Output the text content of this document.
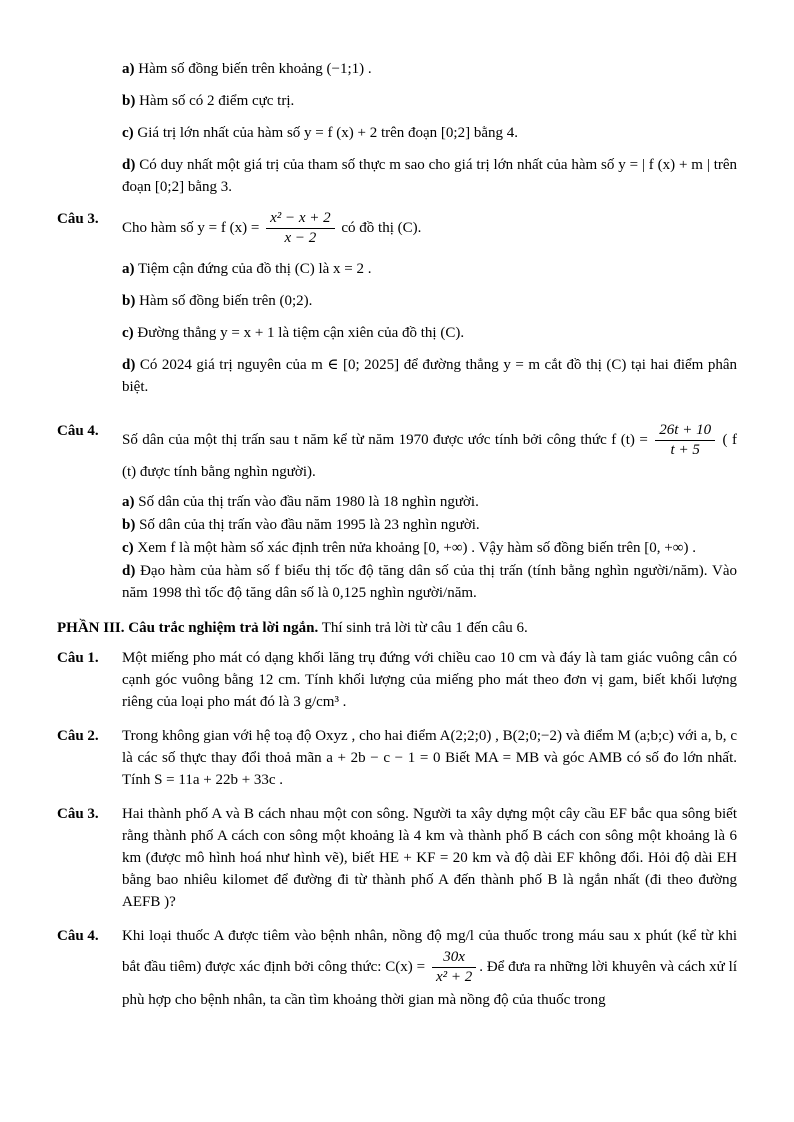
a) Hàm số đồng biến trên khoảng (−1;1) .

b) Hàm số có 2 điểm cực trị.

c) Giá trị lớn nhất của hàm số y = f (x) + 2 trên đoạn [0;2] bằng 4.

d) Có duy nhất một giá trị của tham số thực m sao cho giá trị lớn nhất của hàm số y = | f (x) + m | trên đoạn [0;2] bằng 3.

Câu 3.

Cho hàm số y = f $(x) = \frac{\text{x² − x + 2}}{x - 2}$ có đồ thị (C).

a) Tiệm cận đứng của đồ thị (C) là x = 2 .

b) Hàm số đồng biến trên (0;2).

c) Đường thẳng y = x + 1 là tiệm cận xiên của đồ thị (C).

d) Có 2024 giá trị nguyên của m ∈ [0; 2025] để đường thẳng y = m cắt đồ thị (C) tại hai điểm phân biệt.

Câu 4.

Số dân của một thị trấn sau t năm kể từ năm 1970 được ước tính bởi công thức f $(t) = \frac{26t + 10}{t + 5}$ ( f (t) được tính bằng nghìn người).

a) Số dân của thị trấn vào đầu năm 1980 là 18 nghìn người.

b) Số dân của thị trấn vào đầu năm 1995 là 23 nghìn người.

c) Xem f là một hàm số xác định trên nửa khoảng [0, +∞) . Vậy hàm số đồng biến trên [0, +∞) .

d) Đạo hàm của hàm số f biểu thị tốc độ tăng dân số của thị trấn (tính bằng nghìn người/năm). Vào năm 1998 thì tốc độ tăng dân số là 0,125 nghìn người/năm.

PHẦN III. Câu trắc nghiệm trả lời ngắn. Thí sinh trả lời từ câu 1 đến câu 6.

Câu 1.	Một miếng pho mát có dạng khối lăng trụ đứng với chiều cao 10 cm và đáy là tam giác vuông cân có cạnh góc vuông bằng 12 cm. Tính khối lượng của miếng pho mát theo đơn vị gam, biết khối lượng riêng của loại pho mát đó là 3 g/cm³ .
Câu 2.	Trong không gian với hệ toạ độ Oxyz , cho hai điểm A(2;2;0) , B(2;0;−2) và điểm M (a;b;c) với a, b, c là các số thực thay đổi thoả mãn a + 2b − c − 1 = 0 Biết MA = MB và góc AMB có số đo lớn nhất. Tính S = 11a + 22b + 33c .
Câu 3.	Hai thành phố A và B cách nhau một con sông. Người ta xây dựng một cây cầu EF bắc qua sông biết rằng thành phố A cách con sông một khoảng là 4 km và thành phố B cách con sông một khoảng là 6 km (được mô hình hoá như hình vẽ), biết HE + KF = 20 km và độ dài EF không đổi. Hỏi độ dài EH bằng bao nhiêu kilomet để đường đi từ thành phố A đến thành phố B là ngắn nhất (đi theo đường AEFB )?
Câu 4.	Khi loại thuốc A được tiêm vào bệnh nhân, nồng độ mg/l của thuốc trong máu sau x phút (kể từ khi bắt đầu tiêm) được xác định bởi công thức: $C(x) = \frac{30x}{\text{x² + 2}}$ . Để đưa ra những lời khuyên và cách xử lí phù hợp cho bệnh nhân, ta cần tìm khoảng thời gian mà nồng độ của thuốc trong
